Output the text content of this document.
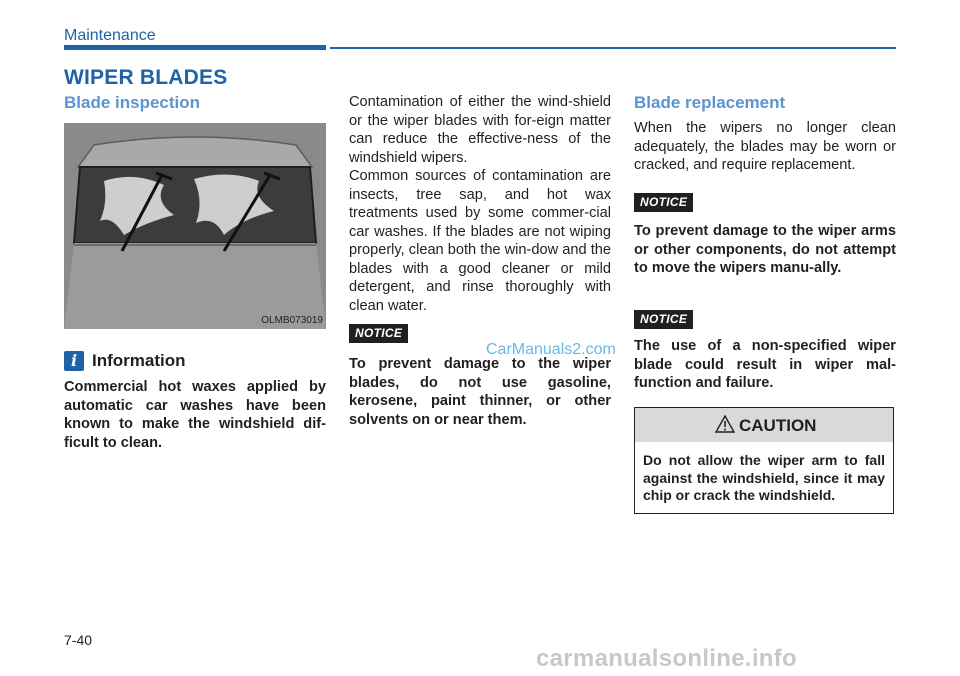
Maintenance
WIPER BLADES
Blade inspection
OLMB073019
i Information
Commercial hot waxes applied by automatic car washes have been known to make the windshield dif-ficult to clean.
Contamination of either the wind-shield or the wiper blades with for-eign matter can reduce the effective-ness of the windshield wipers.
Common sources of contamination are insects, tree sap, and hot wax treatments used by some commer-cial car washes. If the blades are not wiping properly, clean both the win-dow and the blades with a good cleaner or mild detergent, and rinse thoroughly with clean water.
NOTICE
To prevent damage to the wiper blades, do not use gasoline, kerosene, paint thinner, or other solvents on or near them.
CarManuals2.com
Blade replacement
When the wipers no longer clean adequately, the blades may be worn or cracked, and require replacement.
NOTICE
To prevent damage to the wiper arms or other components, do not attempt to move the wipers manu-ally.
NOTICE
The use of a non-specified wiper blade could result in wiper mal-function and failure.
CAUTION
Do not allow the wiper arm to fall against the windshield, since it may chip or crack the windshield.
7-40
carmanualsonline.info
